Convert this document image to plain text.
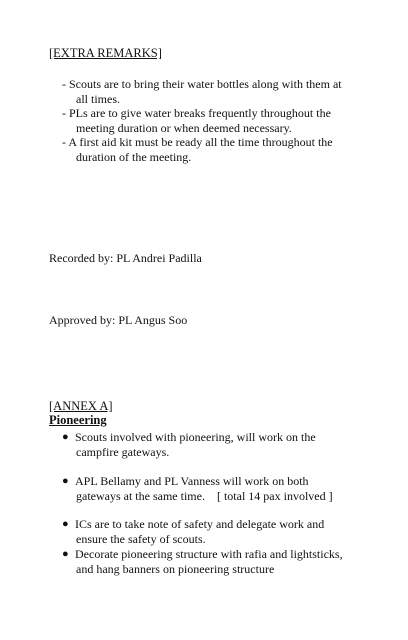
[EXTRA REMARKS]
- Scouts are to bring their water bottles along with them at
all times.
- PLs are to give water breaks frequently throughout the
meeting duration or when deemed necessary.
- A first aid kit must be ready all the time throughout the
duration of the meeting.
Recorded by: PL Andrei Padilla
Approved by: PL Angus Soo
[ANNEX A]
Pioneering
● Scouts involved with pioneering, will work on the
campfire gateways.
● APL Bellamy and PL Vanness will work on both
gateways at the same time.    [ total 14 pax involved ]
● ICs are to take note of safety and delegate work and
ensure the safety of scouts.
● Decorate pioneering structure with rafia and lightsticks,
and hang banners on pioneering structure
